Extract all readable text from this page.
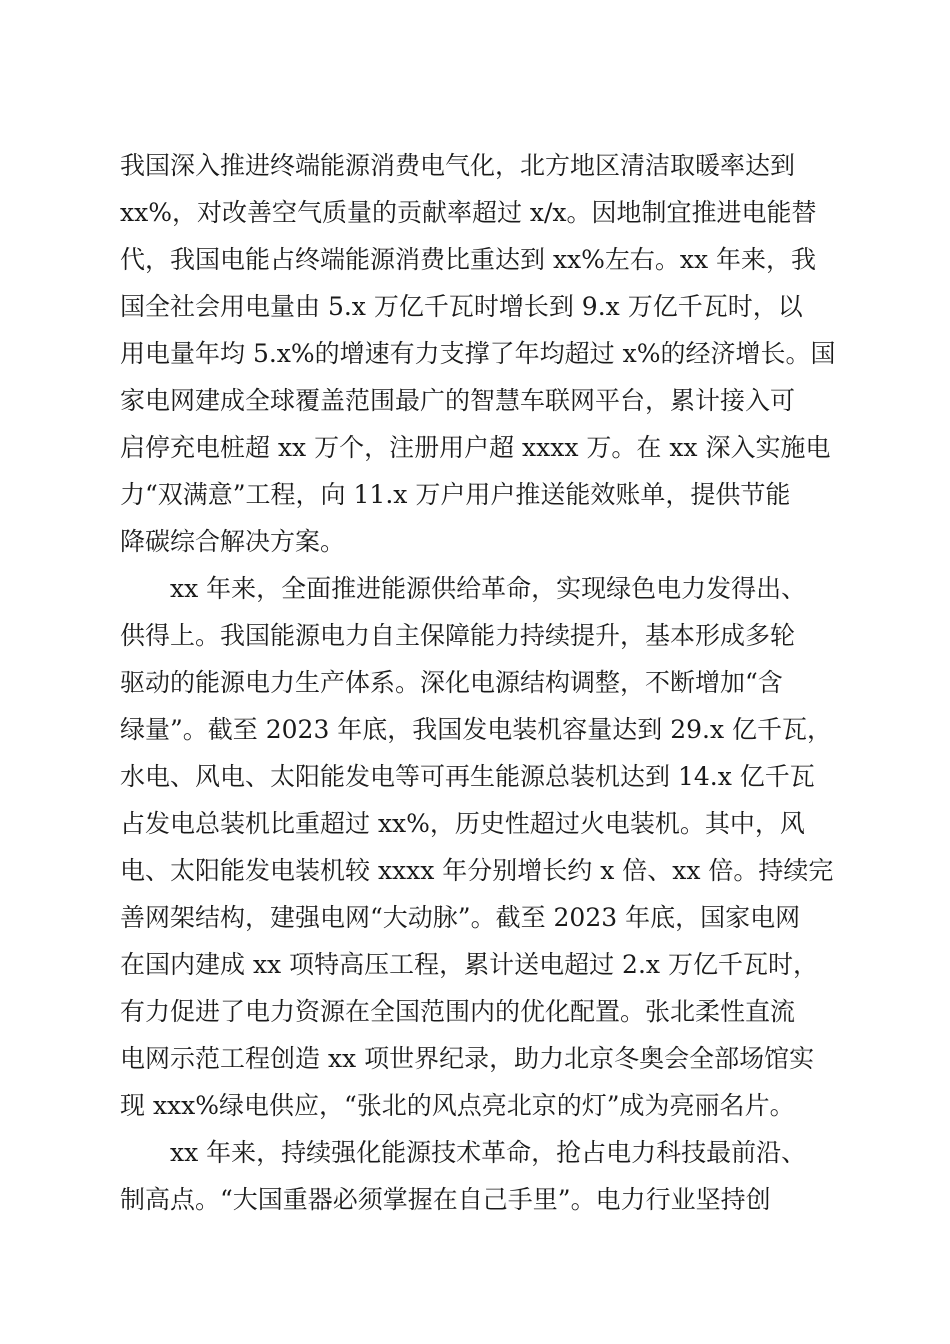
我国深入推进终端能源消费电气化，北方地区清洁取暖率达到
xx%，对改善空气质量的贡献率超过 x/x。因地制宜推进电能替
代，我国电能占终端能源消费比重达到 xx%左右。xx 年来，我
国全社会用电量由 5.x 万亿千瓦时增长到 9.x 万亿千瓦时，以
用电量年均 5.x%的增速有力支撑了年均超过 x%的经济增长。国
家电网建成全球覆盖范围最广的智慧车联网平台，累计接入可
启停充电桩超 xx 万个，注册用户超 xxxx 万。在 xx 深入实施电
力“双满意”工程，向 11.x 万户用户推送能效账单，提供节能
降碳综合解决方案。
xx 年来，全面推进能源供给革命，实现绿色电力发得出、
供得上。我国能源电力自主保障能力持续提升，基本形成多轮
驱动的能源电力生产体系。深化电源结构调整，不断增加“含
绿量”。截至 2023 年底，我国发电装机容量达到 29.x 亿千瓦，
水电、风电、太阳能发电等可再生能源总装机达到 14.x 亿千瓦
占发电总装机比重超过 xx%，历史性超过火电装机。其中，风
电、太阳能发电装机较 xxxx 年分别增长约 x 倍、xx 倍。持续完
善网架结构，建强电网“大动脉”。截至 2023 年底，国家电网
在国内建成 xx 项特高压工程，累计送电超过 2.x 万亿千瓦时，
有力促进了电力资源在全国范围内的优化配置。张北柔性直流
电网示范工程创造 xx 项世界纪录，助力北京冬奥会全部场馆实
现 xxx%绿电供应，“张北的风点亮北京的灯”成为亮丽名片。
xx 年来，持续强化能源技术革命，抢占电力科技最前沿、
制高点。“大国重器必须掌握在自己手里”。电力行业坚持创
